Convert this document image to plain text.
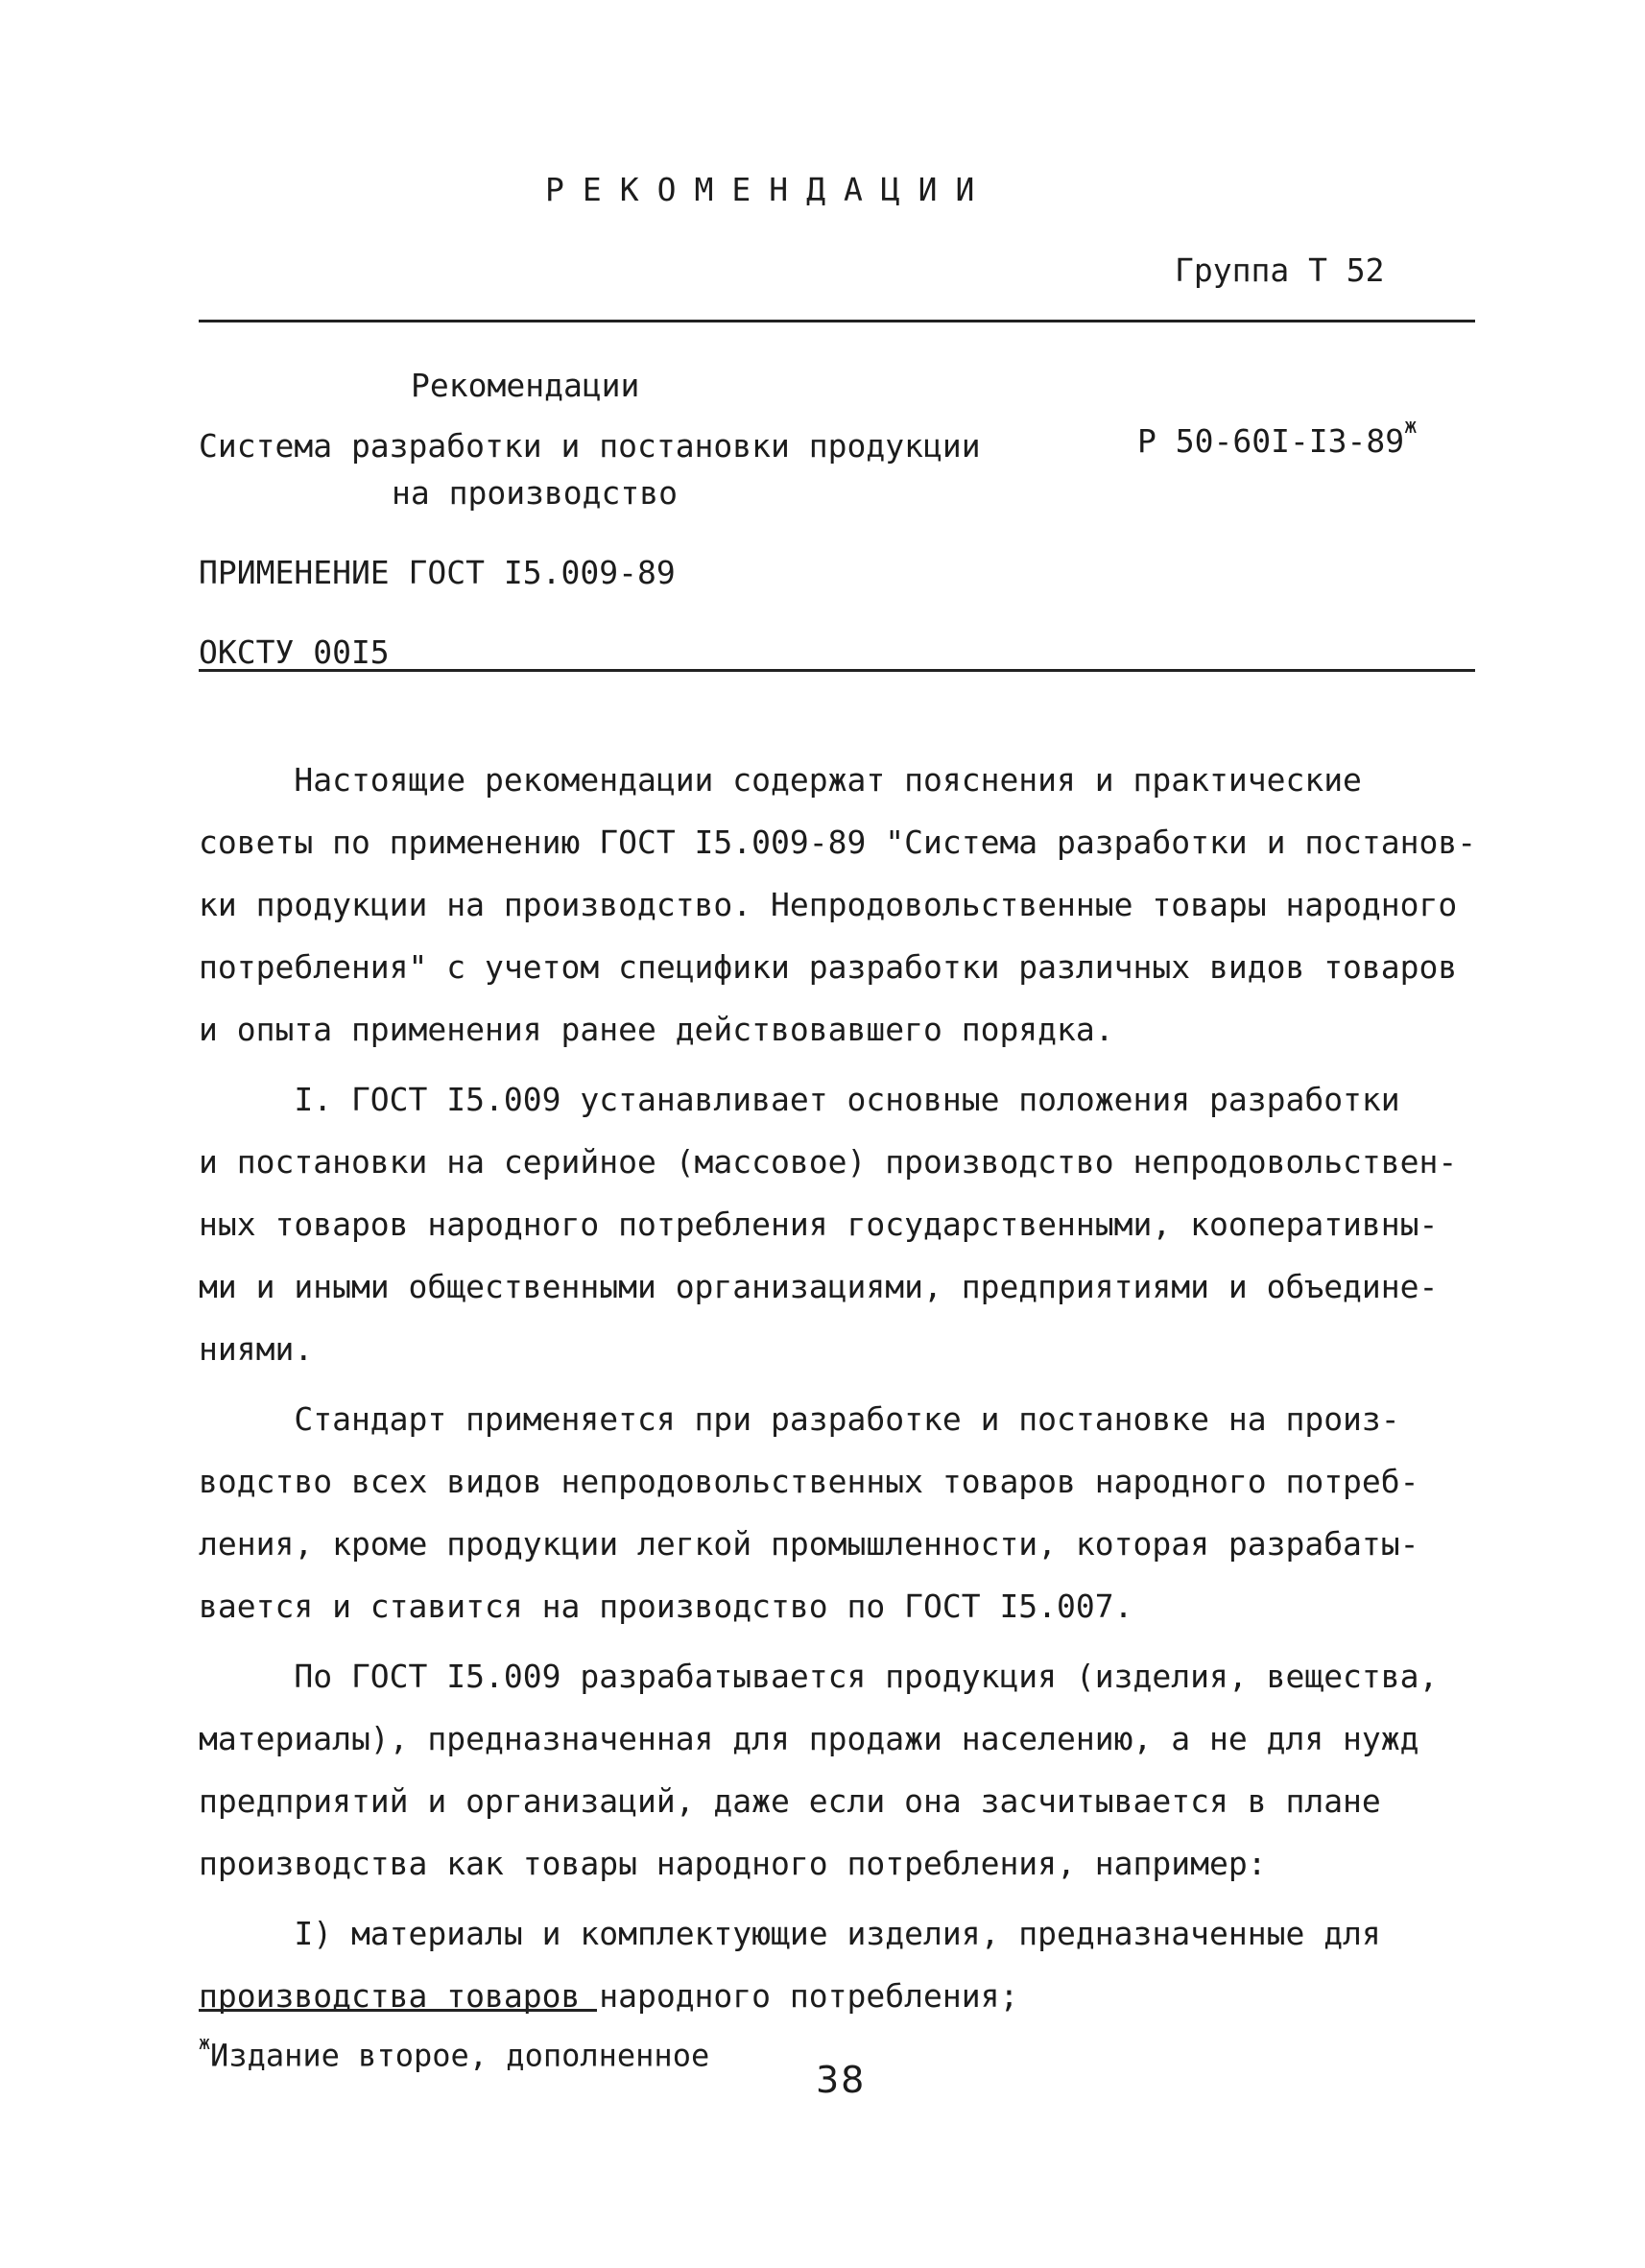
РЕКОМЕНДАЦИИ
Группа Т 52
Рекомендации
Система разработки и постановки продукции	Р $50-60I-I3-89^ж$
на производство
ПРИМЕНЕНИЕ ГОСТ I5.009-89
ОКСТУ 00I5
Настоящие рекомендации содержат пояснения и практические
советы по применению ГОСТ I5.009-89 "Система разработки и постанов-
ки продукции на производство. Непродовольственные товары народного
потребления" с учетом специфики разработки различных видов товаров
и опыта применения ранее действовавшего порядка.
I. ГОСТ I5.009 устанавливает основные положения разработки
и постановки на серийное (массовое) производство непродовольствен-
ных товаров народного потребления государственными, кооперативны-
ми и иными общественными организациями, предприятиями и объедине-
ниями.
Стандарт применяется при разработке и постановке на произ-
водство всех видов непродовольственных товаров народного потреб-
ления, кроме продукции легкой промышленности, которая разрабаты-
вается и ставится на производство по ГОСТ I5.007.
По ГОСТ I5.009 разрабатывается продукция (изделия, вещества,
материалы), предназначенная для продажи населению, а не для нужд
предприятий и организаций, даже если она засчитывается в плане
производства как товары народного потребления, например:
I) материалы и комплектующие изделия, предназначенные для
производства товаров народного потребления;
$^ж$Издание второе, дополненное
38
